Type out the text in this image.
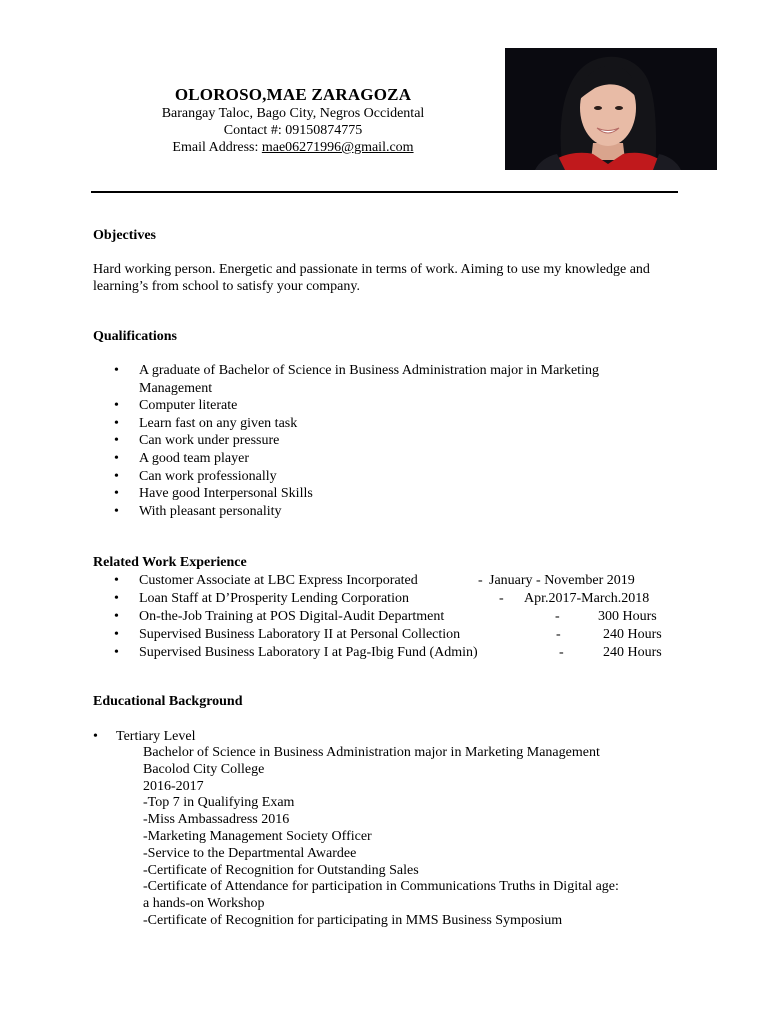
OLOROSO,MAE ZARAGOZA
Barangay Taloc, Bago City, Negros Occidental
Contact #: 09150874775
Email Address: mae06271996@gmail.com
Objectives
Hard working person. Energetic and passionate in terms of work. Aiming to use my knowledge and learning’s from school to satisfy your company.
Qualifications
• A graduate of Bachelor of Science in Business Administration major in Marketing Management
• Computer literate
• Learn fast on any given task
• Can work under pressure
• A good team player
• Can work professionally
• Have good Interpersonal Skills
• With pleasant personality
Related Work Experience
• Customer Associate at LBC Express Incorporated	- January - November 2019
• Loan Staff at D’Prosperity Lending Corporation	- Apr.2017-March.2018
• On-the-Job Training at POS Digital-Audit Department	-	300 Hours
• Supervised Business Laboratory II at Personal Collection	-	240 Hours
• Supervised Business Laboratory I at Pag-Ibig Fund (Admin)	-	240 Hours
Educational Background
• Tertiary Level
Bachelor of Science in Business Administration major in Marketing Management
Bacolod City College
2016-2017
-Top 7 in Qualifying Exam
-Miss Ambassadress 2016
-Marketing Management Society Officer
-Service to the Departmental Awardee
-Certificate of Recognition for Outstanding Sales
-Certificate of Attendance for participation in Communications Truths in Digital age:
a hands-on Workshop
-Certificate of Recognition for participating in MMS Business Symposium
